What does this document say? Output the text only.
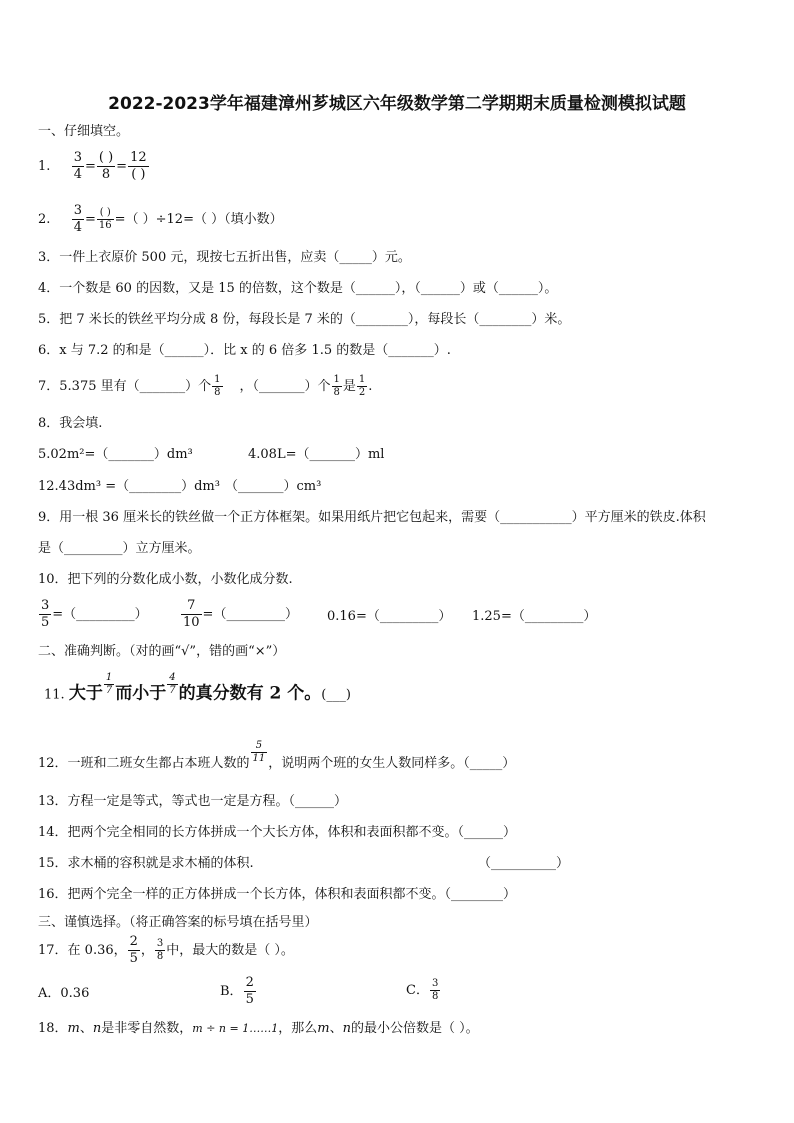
2022-2023学年福建漳州芗城区六年级数学第二学期期末质量检测模拟试题
一、仔细填空。
1. $\frac{3}{4}$ =
( )
8
=
12
( )
2. $\frac{3}{4}$ = ( )
16 =（ ）÷12=（ ）（填小数）
3．一件上衣原价 500 元，现按七五折出售，应卖（_____）元。
4．一个数是 60 的因数，又是 15 的倍数，这个数是（______），（______）或（______）。
5．把 7 米长的铁丝平均分成 8 份，每段长是 7 米的（________），每段长（________）米。
6．x 与 7.2 的和是（______）．比 x 的 6 倍多 1.5 的数是（_______）.
7．5.375 里有（_______）个 $\frac{1}{8}$ ，（_______）个 $\frac{1}{8}$ 是 $\frac{1}{2}$ .
8．我会填.
5.02m²=（_______）dm³	4.08L=（_______）ml
12.43dm³ =（________）dm³ （_______）cm³
9．用一根 36 厘米长的铁丝做一个正方体框架。如果用纸片把它包起来，需要（___________）平方厘米的铁皮.体积
是（_________）立方厘米。
10．把下列的分数化成小数，小数化成分数.
$\frac{3}{5}$ =（_________）	$\frac{7}{10}$ =（_________） 0.16=（_________） 1.25=（_________）
二、准确判断。（对的画“√”，错的画“×”）
11. 大于 $\frac{1}{7}$ 而小于 $\frac{4}{7}$ 的真分数有 2 个。(___)
12．一班和二班女生都占本班人数的 $\frac{5}{11}$ ，说明两个班的女生人数同样多。（_____）
13．方程一定是等式，等式也一定是方程。（______）
14．把两个完全相同的长方体拼成一个大长方体，体积和表面积都不变。（______）
15．求木桶的容积就是求木桶的体积.	（__________）
16．把两个完全一样的正方体拼成一个长方体，体积和表面积都不变。（________）
三、谨慎选择。（将正确答案的标号填在括号里）
17．在 0.36， $\frac{2}{5}$ ， $\frac{3}{8}$ 中，最大的数是（ ）。
A．0.36	B． $\frac{2}{5}$	C． $\frac{3}{8}$
18．m、n是非零自然数，m ÷ n = 1……1，那么m、n的最小公倍数是（ ）。
